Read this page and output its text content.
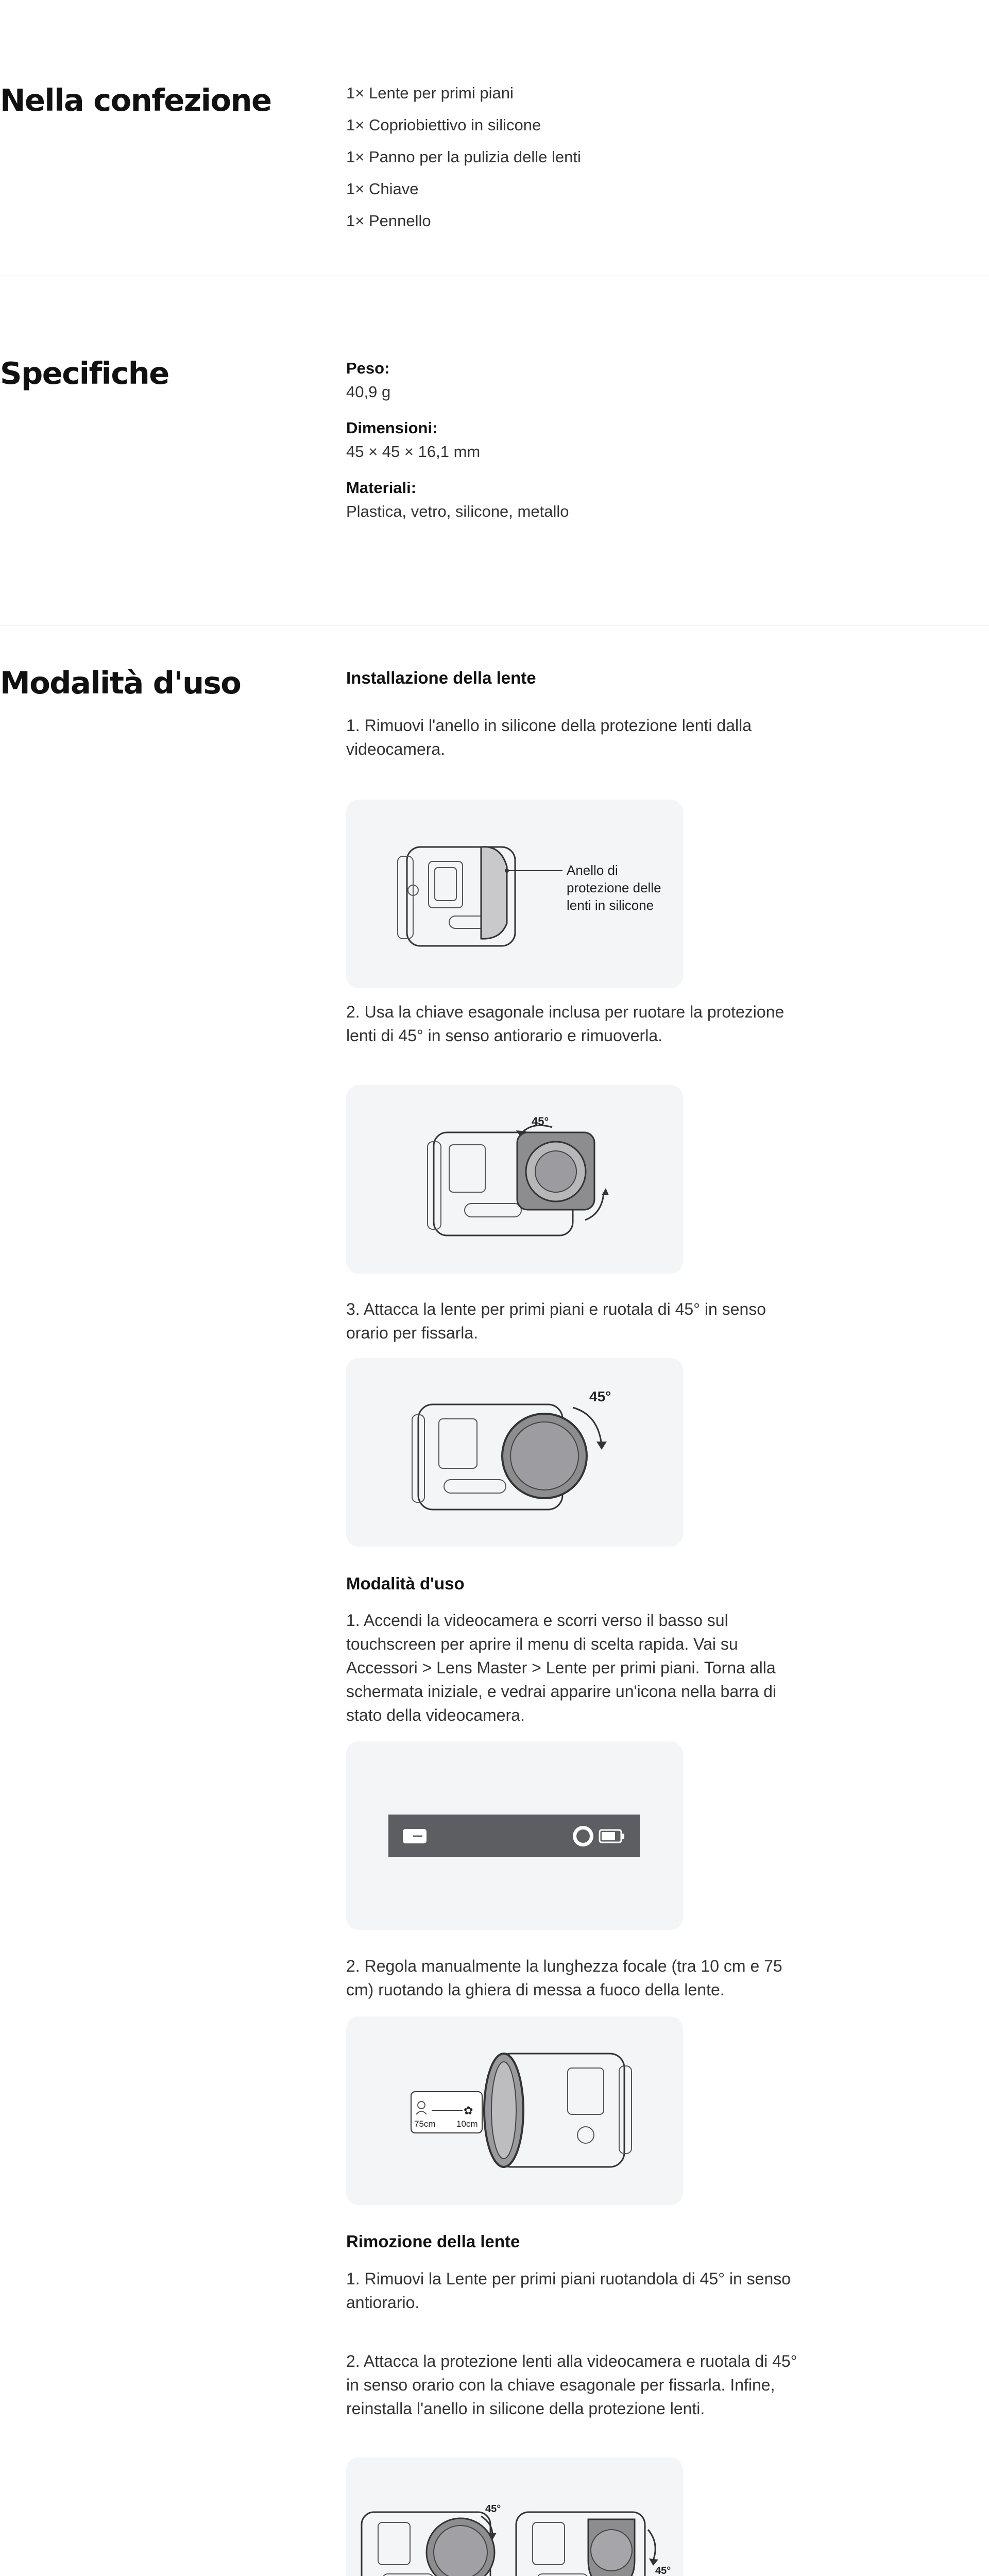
Nella confezione	1× Lente per primi piani
1× Copriobiettivo in silicone
1× Panno per la pulizia delle lenti
1× Chiave
1× Pennello
Specifiche	Peso:
40,9 g
Dimensioni:
45 × 45 × 16,1 mm
Materiali:
Plastica, vetro, silicone, metallo
Modalità d'uso	Installazione della lente
1. Rimuovi l'anello in silicone della protezione lenti dalla videocamera.
Anello di
protezione delle
lenti in silicone
2. Usa la chiave esagonale inclusa per ruotare la protezione lenti di 45° in senso antiorario e rimuoverla.
45°
3. Attacca la lente per primi piani e ruotala di 45° in senso orario per fissarla.
45°
Modalità d'uso
1. Accendi la videocamera e scorri verso il basso sul touchscreen per aprire il menu di scelta rapida. Vai su Accessori > Lens Master > Lente per primi piani. Torna alla schermata iniziale, e vedrai apparire un'icona nella barra di stato della videocamera.
2. Regola manualmente la lunghezza focale (tra 10 cm e 75 cm) ruotando la ghiera di messa a fuoco della lente.
✿
75cm 10cm
Rimozione della lente
1. Rimuovi la Lente per primi piani ruotandola di 45° in senso antiorario.
2. Attacca la protezione lenti alla videocamera e ruotala di 45° in senso orario con la chiave esagonale per fissarla. Infine, reinstalla l'anello in silicone della protezione lenti.
45°
45°
